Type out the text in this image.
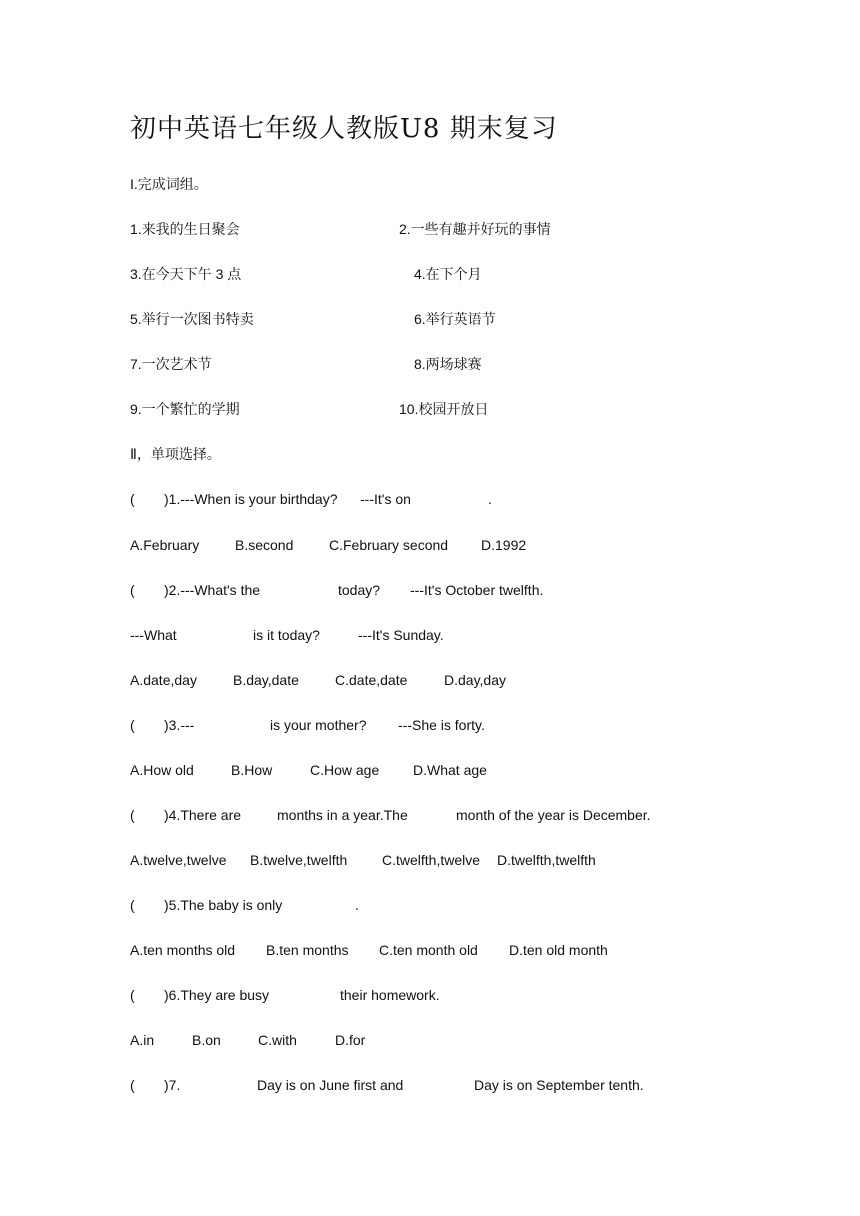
初中英语七年级人教版U8 期末复习
I.完成词组。
1.来我的生日聚会	2.一些有趣并好玩的事情
3.在今天下午 3 点	4.在下个月
5.举行一次图书特卖	6.举行英语节
7.一次艺术节	8.两场球赛
9.一个繁忙的学期	10.校园开放日
Ⅱ，单项选择。
( )1.---When is your birthday? ---It's on	.
A.February	B.second	C.February second D.1992
( )2.---What's the	today? ---It's October twelfth.
---What	is it today?	---It's Sunday.
A.date,day	B.day,date	C.date,date	D.day,day
( )3.---	is your mother? ---She is forty.
A.How old	B.How	C.How age D.What age
( )4.There are	months in a year.The	month of the year is December.
A.twelve,twelve B.twelve,twelfth C.twelfth,twelve D.twelfth,twelfth
( )5.The baby is only	.
A.ten months old B.ten months C.ten month old D.ten old month
( )6.They are busy	their homework.
A.in	B.on	C.with	D.for
( )7.	Day is on June first and	Day is on September tenth.
